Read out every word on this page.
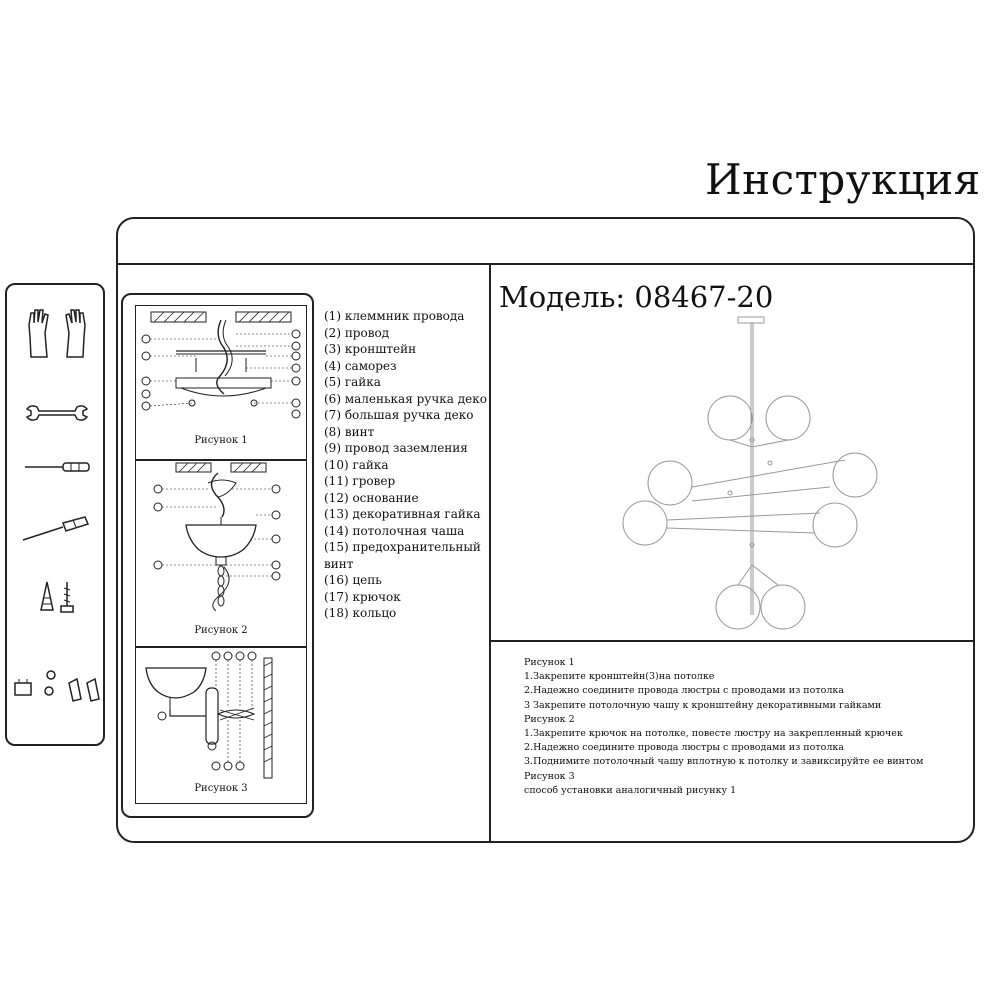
Инструкция
Рисунок 1
Рисунок 2
Рисунок 3
(1) клеммник провода
(2) провод
(3) кронштейн
(4) саморез
(5) гайка
(6) маленькая ручка деко
(7) большая ручка деко
(8) винт
(9) провод заземления
(10) гайка
(11) гровер
(12) основание
(13) декоративная гайка
(14) потолочная чаша
(15) предохранительный винт
(16) цепь
(17) крючок
(18) кольцо
Модель: 08467-20
Рисунок 1
1.Закрепите кронштейн(3)на потолке
2.Надежно соедините провода люстры с проводами из потолка
3 Закрепите потолочную чашу к кронштейну декоративными гайками
Рисунок 2
1.Закрепите крючок на потолке, повесте люстру на закрепленный крючек
2.Надежно соедините провода люстры с проводами из потолка
3.Поднимите потолочный чашу вплотную к потолку и завиксируйте ее винтом
Рисунок 3
способ установки аналогичный рисунку 1
